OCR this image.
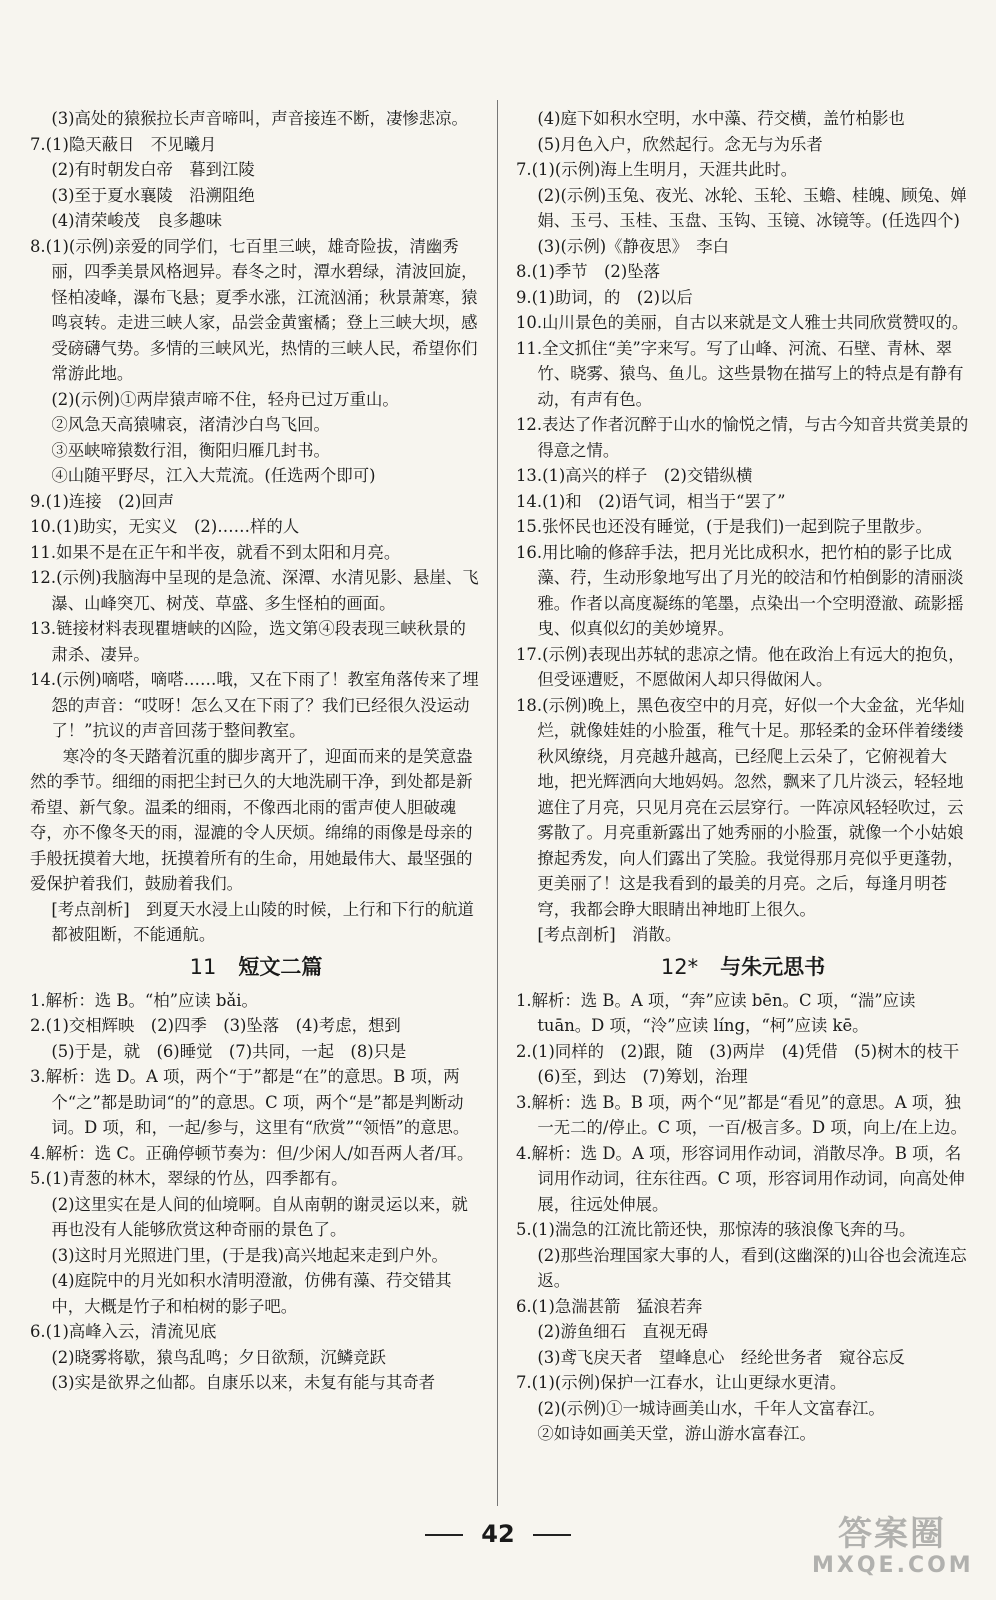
(3)高处的猿猴拉长声音啼叫，声音接连不断，凄惨悲凉。

7.(1)隐天蔽日　不见曦月

(2)有时朝发白帝　暮到江陵

(3)至于夏水襄陵　沿溯阻绝

(4)清荣峻茂　良多趣味

8.(1)(示例)亲爱的同学们，七百里三峡，雄奇险拔，清幽秀丽，四季美景风格迥异。春冬之时，潭水碧绿，清波回旋，怪柏凌峰，瀑布飞悬；夏季水涨，江流汹涌；秋景萧寒，猿鸣哀转。走进三峡人家，品尝金黄蜜橘；登上三峡大坝，感受磅礴气势。多情的三峡风光，热情的三峡人民，希望你们常游此地。

(2)(示例)①两岸猿声啼不住，轻舟已过万重山。

②风急天高猿啸哀，渚清沙白鸟飞回。

③巫峡啼猿数行泪，衡阳归雁几封书。

④山随平野尽，江入大荒流。(任选两个即可)

9.(1)连接　(2)回声

10.(1)助实，无实义　(2)……样的人

11.如果不是在正午和半夜，就看不到太阳和月亮。

12.(示例)我脑海中呈现的是急流、深潭、水清见影、悬崖、飞瀑、山峰突兀、树茂、草盛、多生怪柏的画面。

13.链接材料表现瞿塘峡的凶险，选文第④段表现三峡秋景的肃杀、凄异。

14.(示例)嘀嗒，嘀嗒……哦，又在下雨了！教室角落传来了埋怨的声音：“哎呀！怎么又在下雨了？我们已经很久没运动了！”抗议的声音回荡于整间教室。

寒冷的冬天踏着沉重的脚步离开了，迎面而来的是笑意盎然的季节。细细的雨把尘封已久的大地洗刷干净，到处都是新希望、新气象。温柔的细雨，不像西北雨的雷声使人胆破魂夺，亦不像冬天的雨，湿漉的令人厌烦。绵绵的雨像是母亲的手般抚摸着大地，抚摸着所有的生命，用她最伟大、最坚强的爱保护着我们，鼓励着我们。

[考点剖析]　到夏天水浸上山陵的时候，上行和下行的航道都被阻断，不能通航。

11 短文二篇

1.解析：选 B。“柏”应读 bǎi。

2.(1)交相辉映　(2)四季　(3)坠落　(4)考虑，想到

(5)于是，就　(6)睡觉　(7)共同，一起　(8)只是

3.解析：选 D。A 项，两个“于”都是“在”的意思。B 项，两个“之”都是助词“的”的意思。C 项，两个“是”都是判断动词。D 项，和，一起/参与，这里有“欣赏”“领悟”的意思。

4.解析：选 C。正确停顿节奏为：但/少闲人/如吾两人者/耳。

5.(1)青葱的林木，翠绿的竹丛，四季都有。

(2)这里实在是人间的仙境啊。自从南朝的谢灵运以来，就再也没有人能够欣赏这种奇丽的景色了。

(3)这时月光照进门里，(于是我)高兴地起来走到户外。

(4)庭院中的月光如积水清明澄澈，仿佛有藻、荇交错其中，大概是竹子和柏树的影子吧。

6.(1)高峰入云，清流见底

(2)晓雾将歇，猿鸟乱鸣；夕日欲颓，沉鳞竞跃

(3)实是欲界之仙都。自康乐以来，未复有能与其奇者

(4)庭下如积水空明，水中藻、荇交横，盖竹柏影也

(5)月色入户，欣然起行。念无与为乐者

7.(1)(示例)海上生明月，天涯共此时。

(2)(示例)玉兔、夜光、冰轮、玉轮、玉蟾、桂魄、顾兔、婵娟、玉弓、玉桂、玉盘、玉钩、玉镜、冰镜等。(任选四个)

(3)(示例)《静夜思》　李白

8.(1)季节　(2)坠落

9.(1)助词，的　(2)以后

10.山川景色的美丽，自古以来就是文人雅士共同欣赏赞叹的。

11.全文抓住“美”字来写。写了山峰、河流、石壁、青林、翠竹、晓雾、猿鸟、鱼儿。这些景物在描写上的特点是有静有动，有声有色。

12.表达了作者沉醉于山水的愉悦之情，与古今知音共赏美景的得意之情。

13.(1)高兴的样子　(2)交错纵横

14.(1)和　(2)语气词，相当于“罢了”

15.张怀民也还没有睡觉，(于是我们)一起到院子里散步。

16.用比喻的修辞手法，把月光比成积水，把竹柏的影子比成藻、荇，生动形象地写出了月光的皎洁和竹柏倒影的清丽淡雅。作者以高度凝练的笔墨，点染出一个空明澄澈、疏影摇曳、似真似幻的美妙境界。

17.(示例)表现出苏轼的悲凉之情。他在政治上有远大的抱负，但受诬遭贬，不愿做闲人却只得做闲人。

18.(示例)晚上，黑色夜空中的月亮，好似一个大金盆，光华灿烂，就像娃娃的小脸蛋，稚气十足。那轻柔的金环伴着缕缕秋风缭绕，月亮越升越高，已经爬上云朵了，它俯视着大地，把光辉洒向大地妈妈。忽然，飘来了几片淡云，轻轻地遮住了月亮，只见月亮在云层穿行。一阵凉风轻轻吹过，云雾散了。月亮重新露出了她秀丽的小脸蛋，就像一个小姑娘撩起秀发，向人们露出了笑脸。我觉得那月亮似乎更蓬勃，更美丽了！这是我看到的最美的月亮。之后，每逢月明苍穹，我都会睁大眼睛出神地盯上很久。

[考点剖析]　消散。

12* 与朱元思书

1.解析：选 B。A 项，“奔”应读 bēn。C 项，“湍”应读 tuān。D 项，“泠”应读 líng，“柯”应读 kē。

2.(1)同样的　(2)跟，随　(3)两岸　(4)凭借　(5)树木的枝干　(6)至，到达　(7)筹划，治理

3.解析：选 B。B 项，两个“见”都是“看见”的意思。A 项，独一无二的/停止。C 项，一百/极言多。D 项，向上/在上边。

4.解析：选 D。A 项，形容词用作动词，消散尽净。B 项，名词用作动词，往东往西。C 项，形容词用作动词，向高处伸展，往远处伸展。

5.(1)湍急的江流比箭还快，那惊涛的骇浪像飞奔的马。

(2)那些治理国家大事的人，看到(这幽深的)山谷也会流连忘返。

6.(1)急湍甚箭　猛浪若奔

(2)游鱼细石　直视无碍

(3)鸢飞戾天者　望峰息心　经纶世务者　窥谷忘反

7.(1)(示例)保护一江春水，让山更绿水更清。

(2)(示例)①一城诗画美山水，千年人文富春江。

②如诗如画美天堂，游山游水富春江。

42	答案圈
MXQE.COM
